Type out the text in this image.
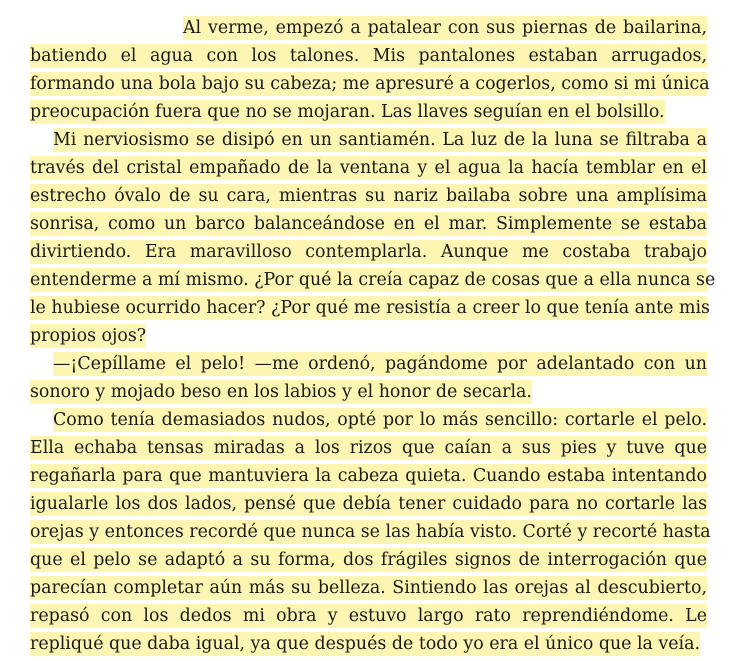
Al verme, empezó a patalear con sus piernas de bailarina,
batiendo el agua con los talones. Mis pantalones estaban arrugados,
formando una bola bajo su cabeza; me apresuré a cogerlos, como si mi única
preocupación fuera que no se mojaran. Las llaves seguían en el bolsillo.
Mi nerviosismo se disipó en un santiamén. La luz de la luna se filtraba a
través del cristal empañado de la ventana y el agua la hacía temblar en el
estrecho óvalo de su cara, mientras su nariz bailaba sobre una amplísima
sonrisa, como un barco balanceándose en el mar. Simplemente se estaba
divirtiendo. Era maravilloso contemplarla. Aunque me costaba trabajo
entenderme a mí mismo. ¿Por qué la creía capaz de cosas que a ella nunca se
le hubiese ocurrido hacer? ¿Por qué me resistía a creer lo que tenía ante mis
propios ojos?
—¡Cepíllame el pelo! —me ordenó, pagándome por adelantado con un
sonoro y mojado beso en los labios y el honor de secarla.
Como tenía demasiados nudos, opté por lo más sencillo: cortarle el pelo.
Ella echaba tensas miradas a los rizos que caían a sus pies y tuve que
regañarla para que mantuviera la cabeza quieta. Cuando estaba intentando
igualarle los dos lados, pensé que debía tener cuidado para no cortarle las
orejas y entonces recordé que nunca se las había visto. Corté y recorté hasta
que el pelo se adaptó a su forma, dos frágiles signos de interrogación que
parecían completar aún más su belleza. Sintiendo las orejas al descubierto,
repasó con los dedos mi obra y estuvo largo rato reprendiéndome. Le
repliqué que daba igual, ya que después de todo yo era el único que la veía.
